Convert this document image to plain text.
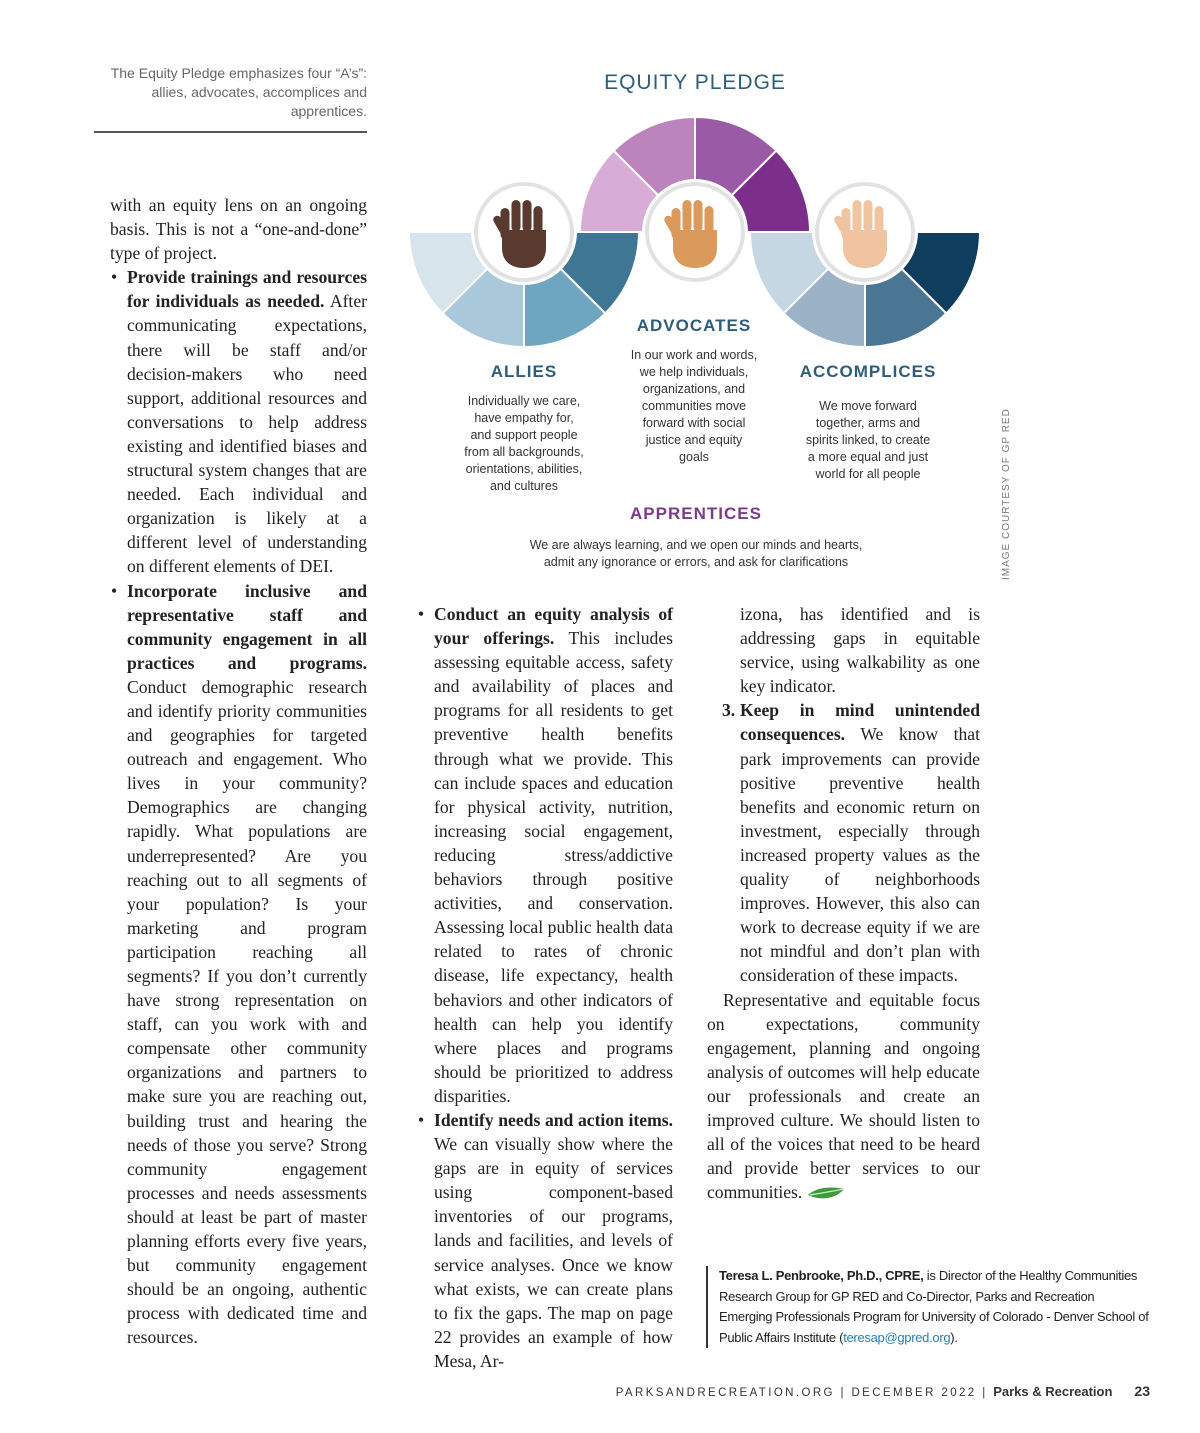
The Equity Pledge emphasizes four “A’s”: allies, advocates, accomplices and apprentices.
EQUITY PLEDGE
ALLIES
Individually we care,
have empathy for,
and support people
from all backgrounds,
orientations, abilities,
and cultures
ADVOCATES
In our work and words,
we help individuals,
organizations, and
communities move
forward with social
justice and equity
goals
ACCOMPLICES
We move forward
together, arms and
spirits linked, to create
a more equal and just
world for all people
APPRENTICES
We are always learning, and we open our minds and hearts,
admit any ignorance or errors, and ask for clarifications	IMAGE COURTESY OF GP RED

with an equity lens on an ongoing basis. This is not a “one-and-done” type of project.

• Provide trainings and resources for individuals as needed. After communicating expectations, there will be staff and/or decision-makers who need support, additional resources and conversations to help address existing and identified biases and structural system changes that are needed. Each individual and organization is likely at a different level of understanding on different elements of DEI.

• Incorporate inclusive and representative staff and community engagement in all practices and programs. Conduct demographic research and identify priority communities and geographies for targeted outreach and engagement. Who lives in your community? Demographics are changing rapidly. What populations are underrepresented? Are you reaching out to all segments of your population? Is your marketing and program participation reaching all segments? If you don’t currently have strong representation on staff, can you work with and compensate other community organizations and partners to make sure you are reaching out, building trust and hearing the needs of those you serve? Strong community engagement processes and needs assessments should at least be part of master planning efforts every five years, but community engagement should be an ongoing, authentic process with dedicated time and resources.

• Conduct an equity analysis of your offerings. This includes assessing equitable access, safety and availability of places and programs for all residents to get preventive health benefits through what we provide. This can include spaces and education for physical activity, nutrition, increasing social engagement, reducing stress/addictive behaviors through positive activities, and conservation. Assessing local public health data related to rates of chronic disease, life expectancy, health behaviors and other indicators of health can help you identify where places and programs should be prioritized to address disparities.

• Identify needs and action items. We can visually show where the gaps are in equity of services using component-based inventories of our programs, lands and facilities, and levels of service analyses. Once we know what exists, we can create plans to fix the gaps. The map on page 22 provides an example of how Mesa, Ar-

izona, has identified and is addressing gaps in equitable service, using walkability as one key indicator.

3. Keep in mind unintended consequences. We know that park improvements can provide positive preventive health benefits and economic return on investment, especially through increased property values as the quality of neighborhoods improves. However, this also can work to decrease equity if we are not mindful and don’t plan with consideration of these impacts.

Representative and equitable focus on expectations, community engagement, planning and ongoing analysis of outcomes will help educate our professionals and create an improved culture. We should listen to all of the voices that need to be heard and provide better services to our communities.

Teresa L. Penbrooke, Ph.D., CPRE, is Director of the Healthy Communities Research Group for GP RED and Co-Director, Parks and Recreation Emerging Professionals Program for University of Colorado - Denver School of Public Affairs Institute (teresap@gpred.org).
PARKSANDRECREATION.ORG | DECEMBER 2022 | Parks & Recreation 23
